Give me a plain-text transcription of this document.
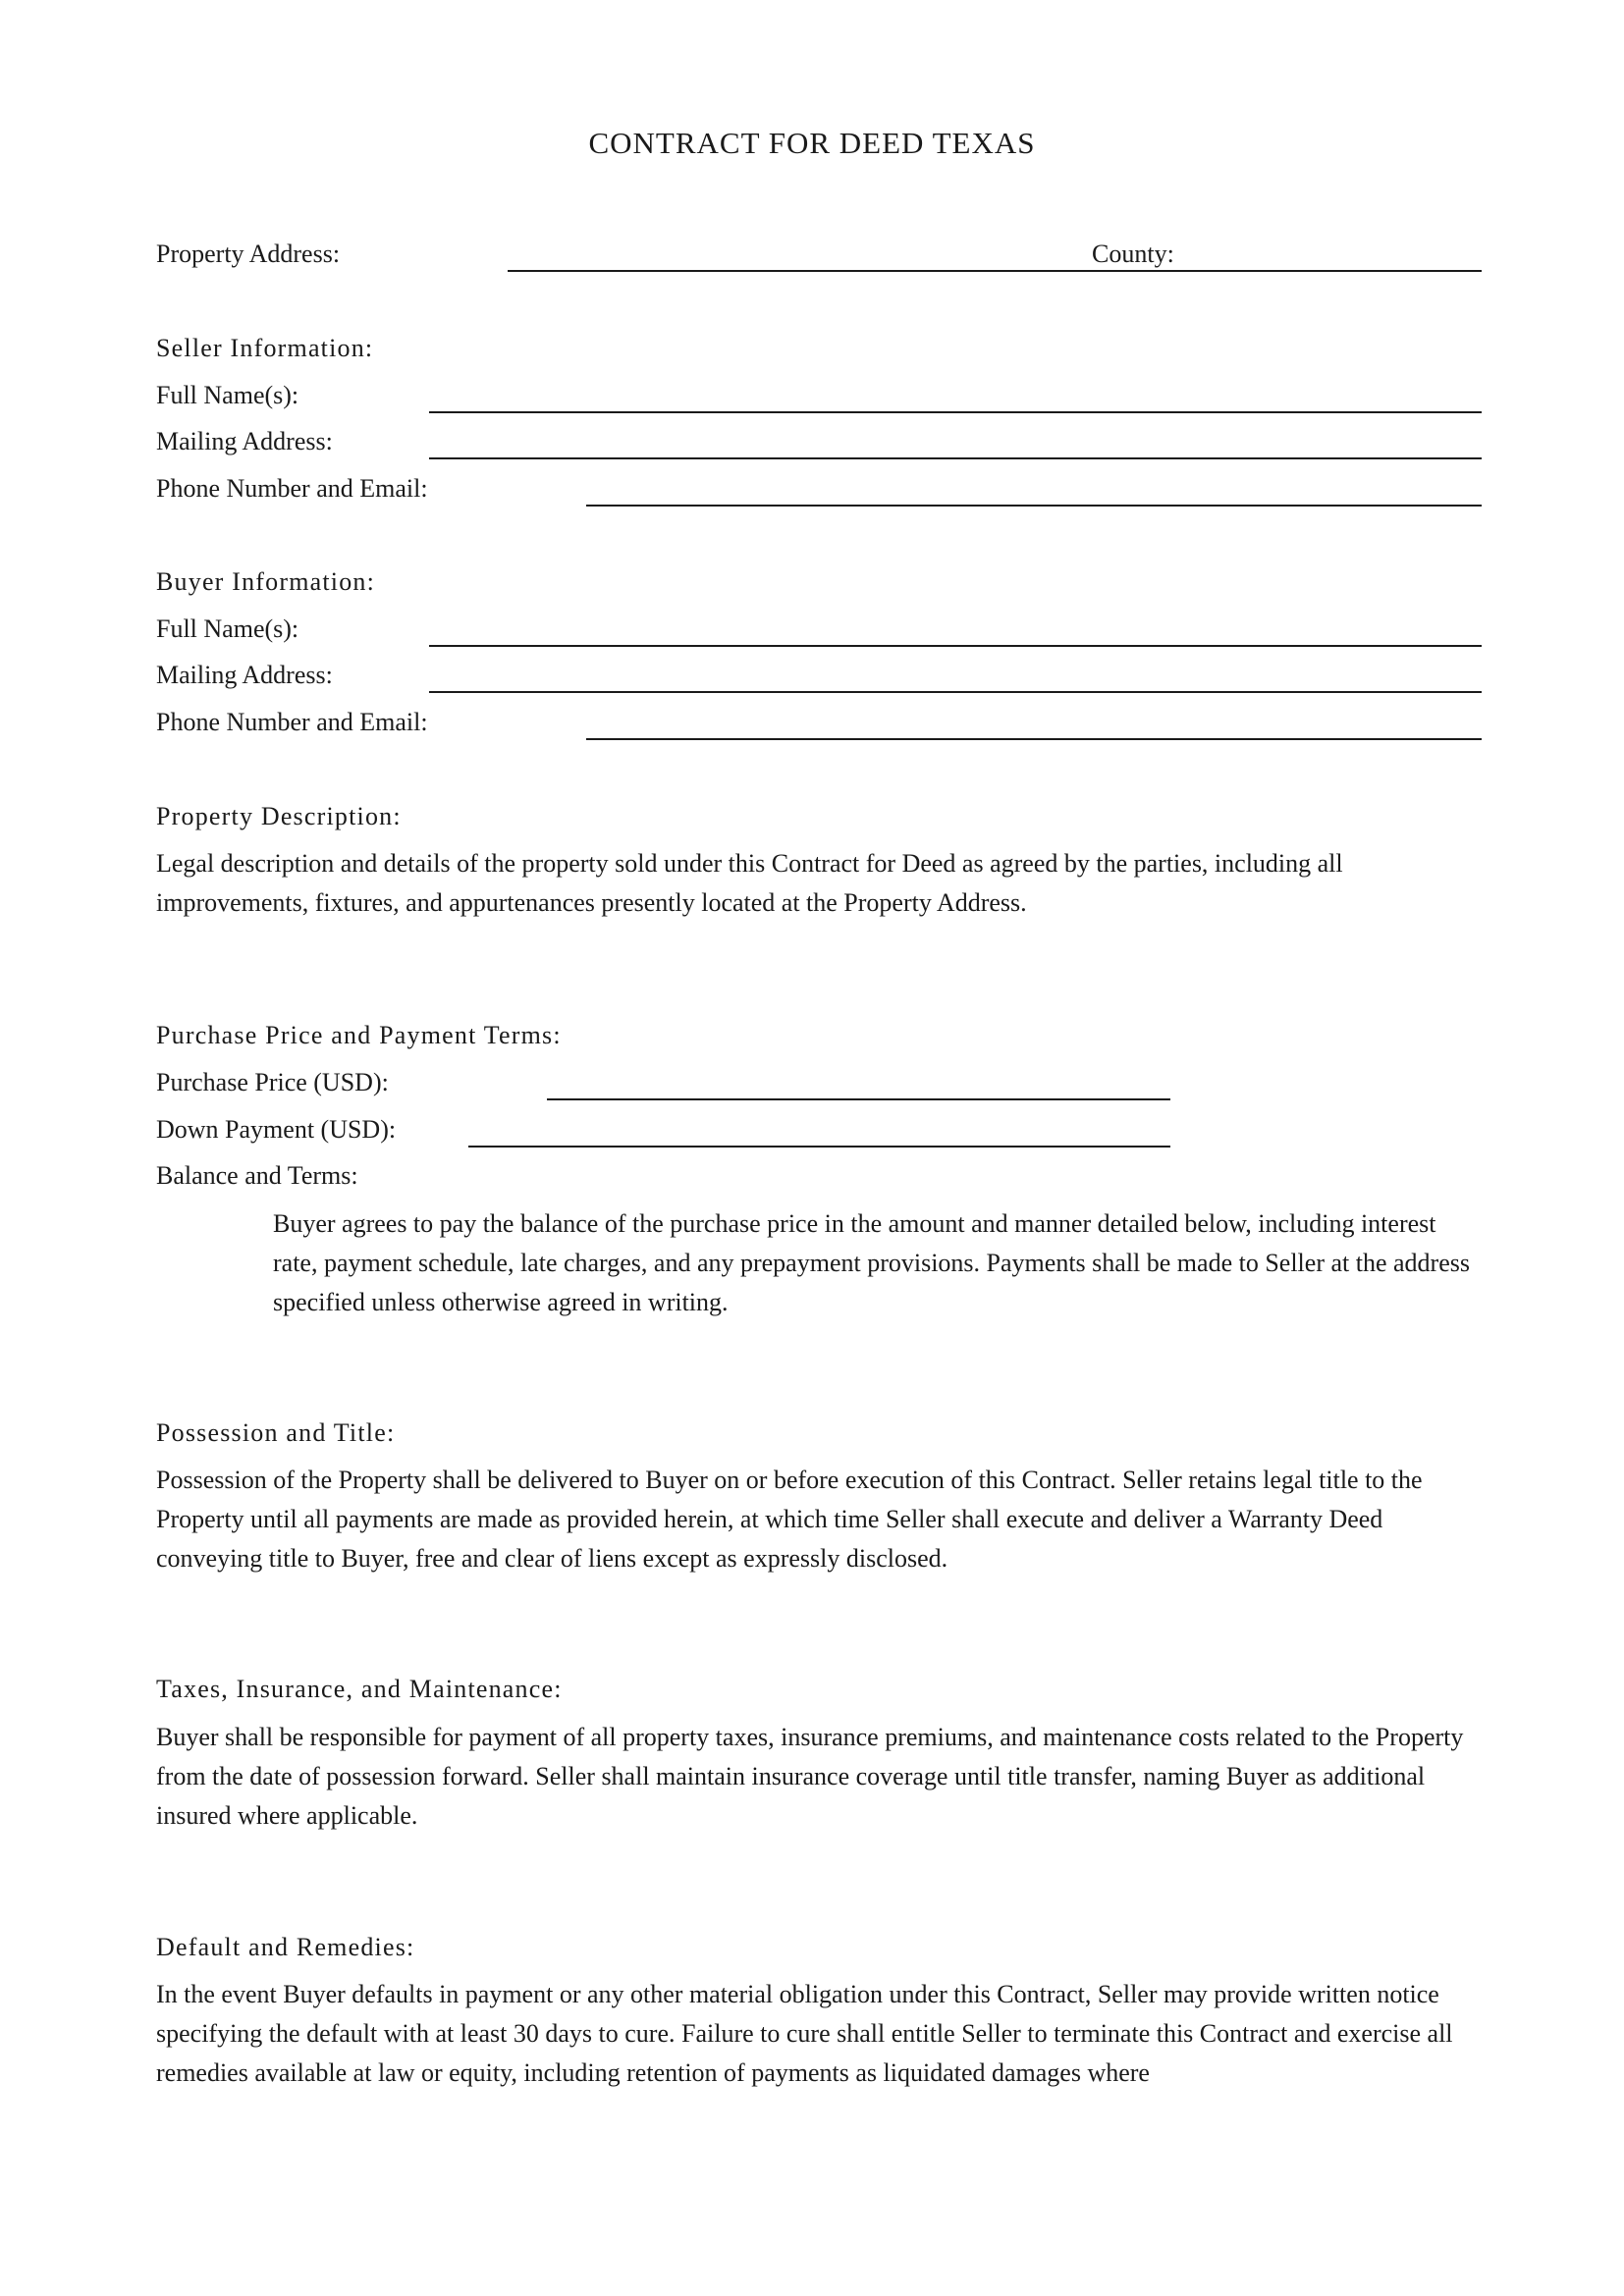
CONTRACT FOR DEED TEXAS
Property Address:	County:
Seller Information:
Full Name(s):
Mailing Address:
Phone Number and Email:
Buyer Information:
Full Name(s):
Mailing Address:
Phone Number and Email:
Property Description:
Legal description and details of the property sold under this Contract for Deed as agreed by the parties, including all improvements, fixtures, and appurtenances presently located at the Property Address.
Purchase Price and Payment Terms:
Purchase Price (USD):
Down Payment (USD):
Balance and Terms:
Buyer agrees to pay the balance of the purchase price in the amount and manner detailed below, including interest rate, payment schedule, late charges, and any prepayment provisions. Payments shall be made to Seller at the address specified unless otherwise agreed in writing.
Possession and Title:
Possession of the Property shall be delivered to Buyer on or before execution of this Contract. Seller retains legal title to the Property until all payments are made as provided herein, at which time Seller shall execute and deliver a Warranty Deed conveying title to Buyer, free and clear of liens except as expressly disclosed.
Taxes, Insurance, and Maintenance:
Buyer shall be responsible for payment of all property taxes, insurance premiums, and maintenance costs related to the Property from the date of possession forward. Seller shall maintain insurance coverage until title transfer, naming Buyer as additional insured where applicable.
Default and Remedies:
In the event Buyer defaults in payment or any other material obligation under this Contract, Seller may provide written notice specifying the default with at least 30 days to cure. Failure to cure shall entitle Seller to terminate this Contract and exercise all remedies available at law or equity, including retention of payments as liquidated damages where
